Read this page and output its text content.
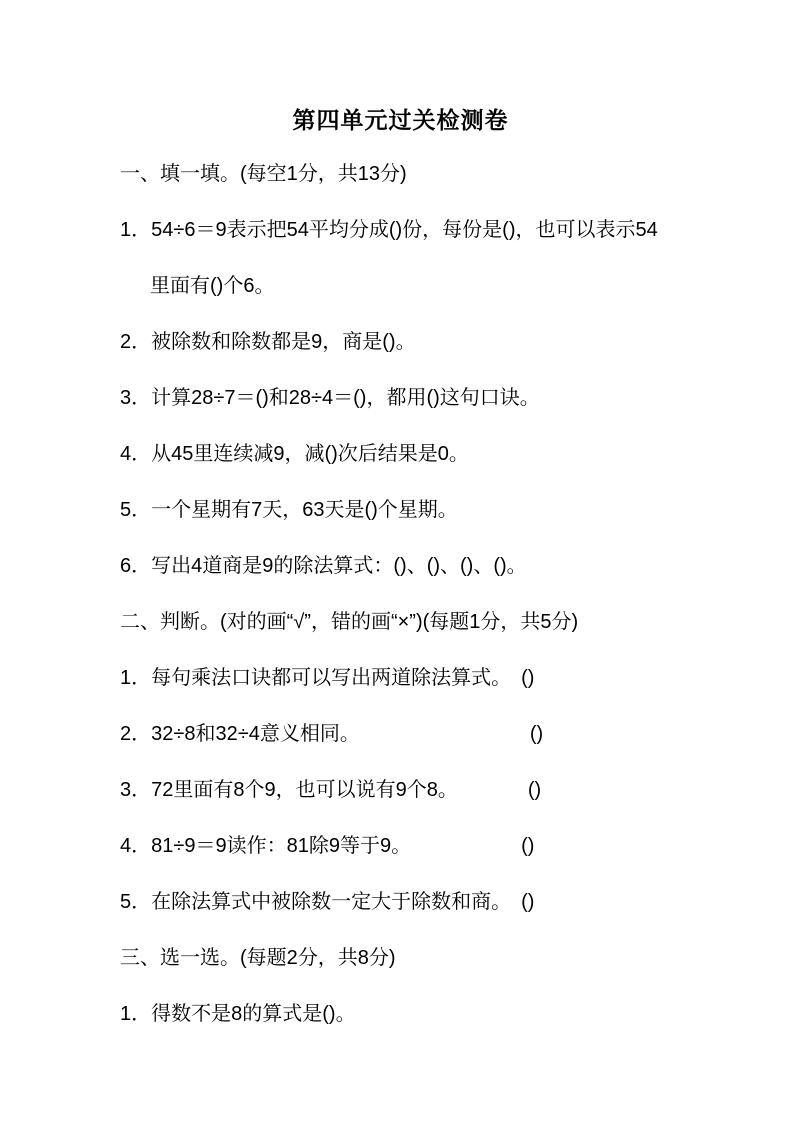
第四单元过关检测卷
一、填一填。(每空1分，共13分)
1．54÷6＝9表示把54平均分成()份，每份是()，也可以表示54
里面有()个6。
2．被除数和除数都是9，商是()。
3．计算28÷7＝()和28÷4＝()，都用()这句口诀。
4．从45里连续减9，减()次后结果是0。
5．一个星期有7天，63天是()个星期。
6．写出4道商是9的除法算式：()、()、()、()。
二、判断。(对的画“√”，错的画“×”)(每题1分，共5分)
1．每句乘法口诀都可以写出两道除法算式。　()
2．32÷8和32÷4意义相同。　　　　　　　　　()
3．72里面有8个9，也可以说有9个8。　　　　()
4．81÷9＝9读作：81除9等于9。　　　　　　()
5．在除法算式中被除数一定大于除数和商。　()
三、选一选。(每题2分，共8分)
1．得数不是8的算式是()。
